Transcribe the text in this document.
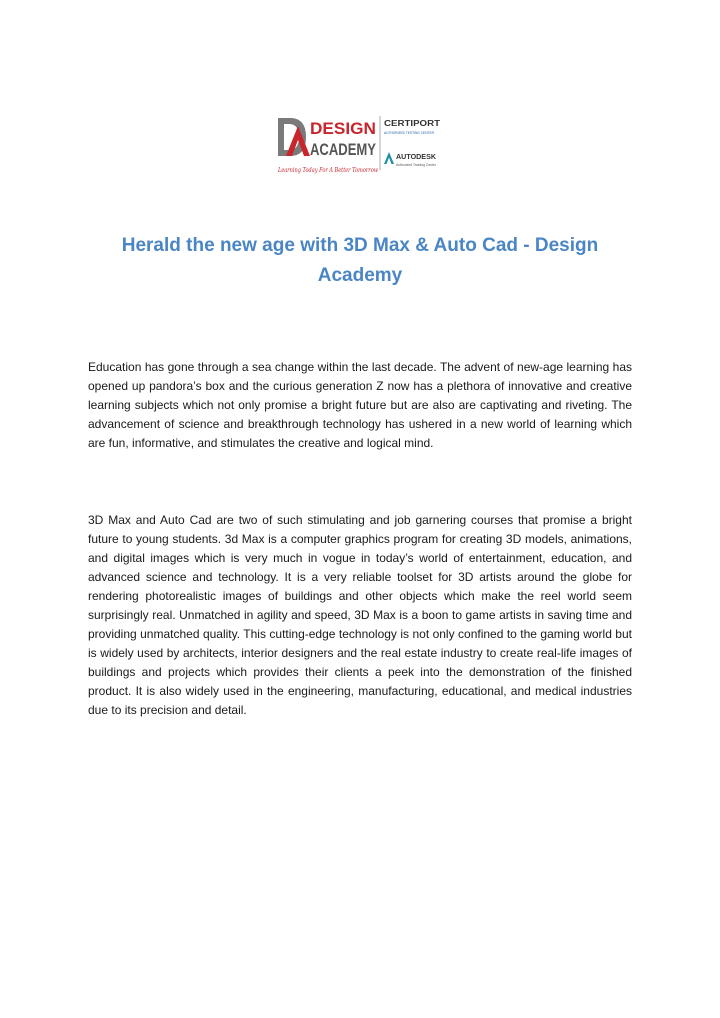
DESIGN
ACADEMY
Learning Today For A Better Tomorrow
CERTIPORT
AUTHORIZED TESTING CENTER
AUTODESK
Authorized Training Center
Herald the new age with 3D Max & Auto Cad - Design Academy

Education has gone through a sea change within the last decade. The advent of new-age learning has opened up pandora’s box and the curious generation Z now has a plethora of innovative and creative learning subjects which not only promise a bright future but are also are captivating and riveting. The advancement of science and breakthrough technology has ushered in a new world of learning which are fun, informative, and stimulates the creative and logical mind.

3D Max and Auto Cad are two of such stimulating and job garnering courses that promise a bright future to young students. 3d Max is a computer graphics program for creating 3D models, animations, and digital images which is very much in vogue in today’s world of entertainment, education, and advanced science and technology. It is a very reliable toolset for 3D artists around the globe for rendering photorealistic images of buildings and other objects which make the reel world seem surprisingly real. Unmatched in agility and speed, 3D Max is a boon to game artists in saving time and providing unmatched quality. This cutting-edge technology is not only confined to the gaming world but is widely used by architects, interior designers and the real estate industry to create real-life images of buildings and projects which provides their clients a peek into the demonstration of the finished product. It is also widely used in the engineering, manufacturing, educational, and medical industries due to its precision and detail.
